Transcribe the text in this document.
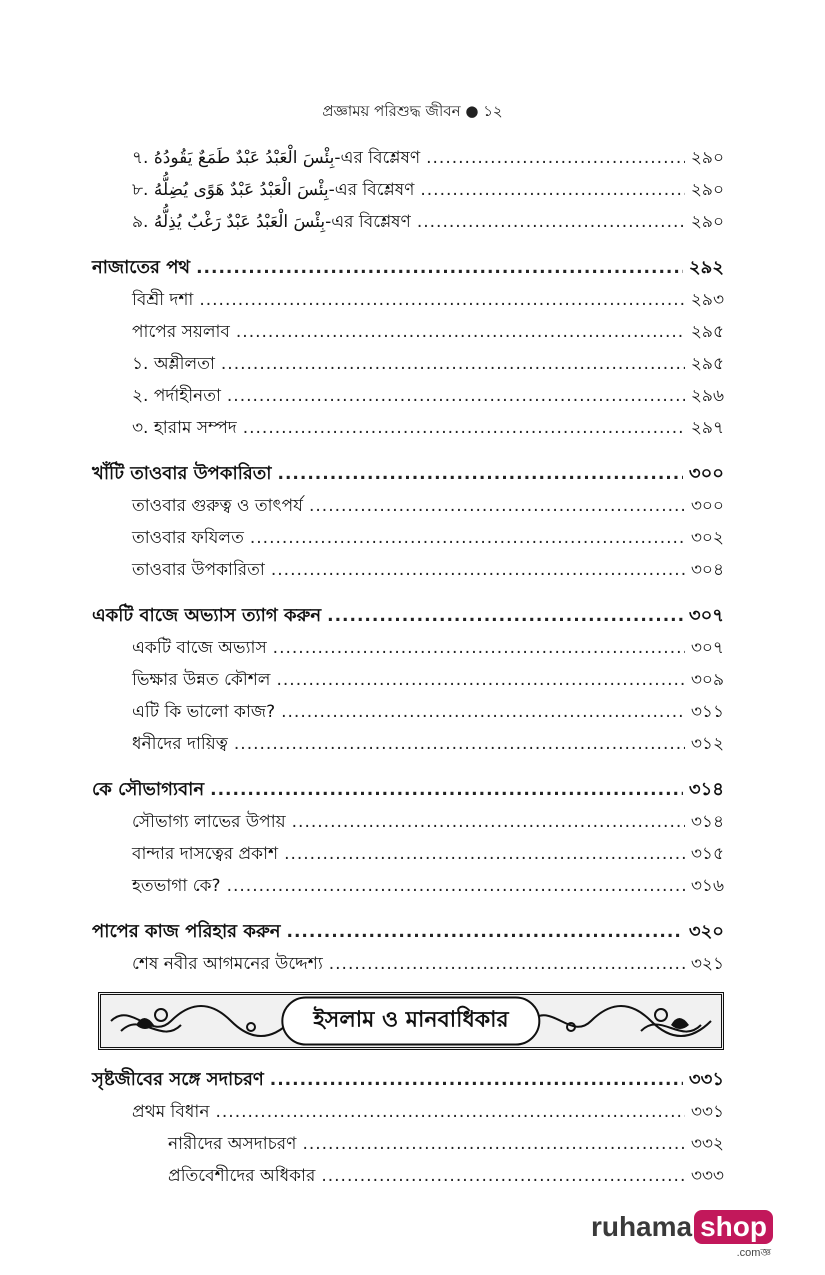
প্রজ্ঞাময় পরিশুদ্ধ জীবন ● ১২
৭. بِئْسَ الْعَبْدُ عَبْدٌ طَمَعٌ يَقُودُهُ-এর বিশ্লেষণ .....	২৯০
৮. بِئْسَ الْعَبْدُ عَبْدٌ هَوًى يُضِلُّهُ-এর বিশ্লেষণ .....	২৯০
৯. بِئْسَ الْعَبْدُ عَبْدٌ رَغْبٌ يُذِلُّهُ-এর বিশ্লেষণ .....	২৯০
নাজাতের পথ .....	২৯২
বিশ্রী দশা .....	২৯৩
পাপের সয়লাব .....	২৯৫
১. অশ্লীলতা .....	২৯৫
২. পর্দাহীনতা .....	২৯৬
৩. হারাম সম্পদ .....	২৯৭
খাঁটি তাওবার উপকারিতা .....	৩০০
তাওবার গুরুত্ব ও তাৎপর্য .....	৩০০
তাওবার ফযিলত .....	৩০২
তাওবার উপকারিতা .....	৩০৪
একটি বাজে অভ্যাস ত্যাগ করুন .....	৩০৭
একটি বাজে অভ্যাস .....	৩০৭
ভিক্ষার উন্নত কৌশল .....	৩০৯
এটি কি ভালো কাজ? .....	৩১১
ধনীদের দায়িত্ব .....	৩১২
কে সৌভাগ্যবান .....	৩১৪
সৌভাগ্য লাভের উপায় .....	৩১৪
বান্দার দাসত্বের প্রকাশ .....	৩১৫
হতভাগা কে? .....	৩১৬
পাপের কাজ পরিহার করুন .....	৩২০
শেষ নবীর আগমনের উদ্দেশ্য .....	৩২১
ইসলাম ও মানবাধিকার
সৃষ্টজীবের সঙ্গে সদাচরণ .....	৩৩১
প্রথম বিধান .....	৩৩১
নারীদের অসদাচরণ .....	৩৩২
প্রতিবেশীদের অধিকার .....	৩৩৩
ruhama shop
.comজ্ঞ
